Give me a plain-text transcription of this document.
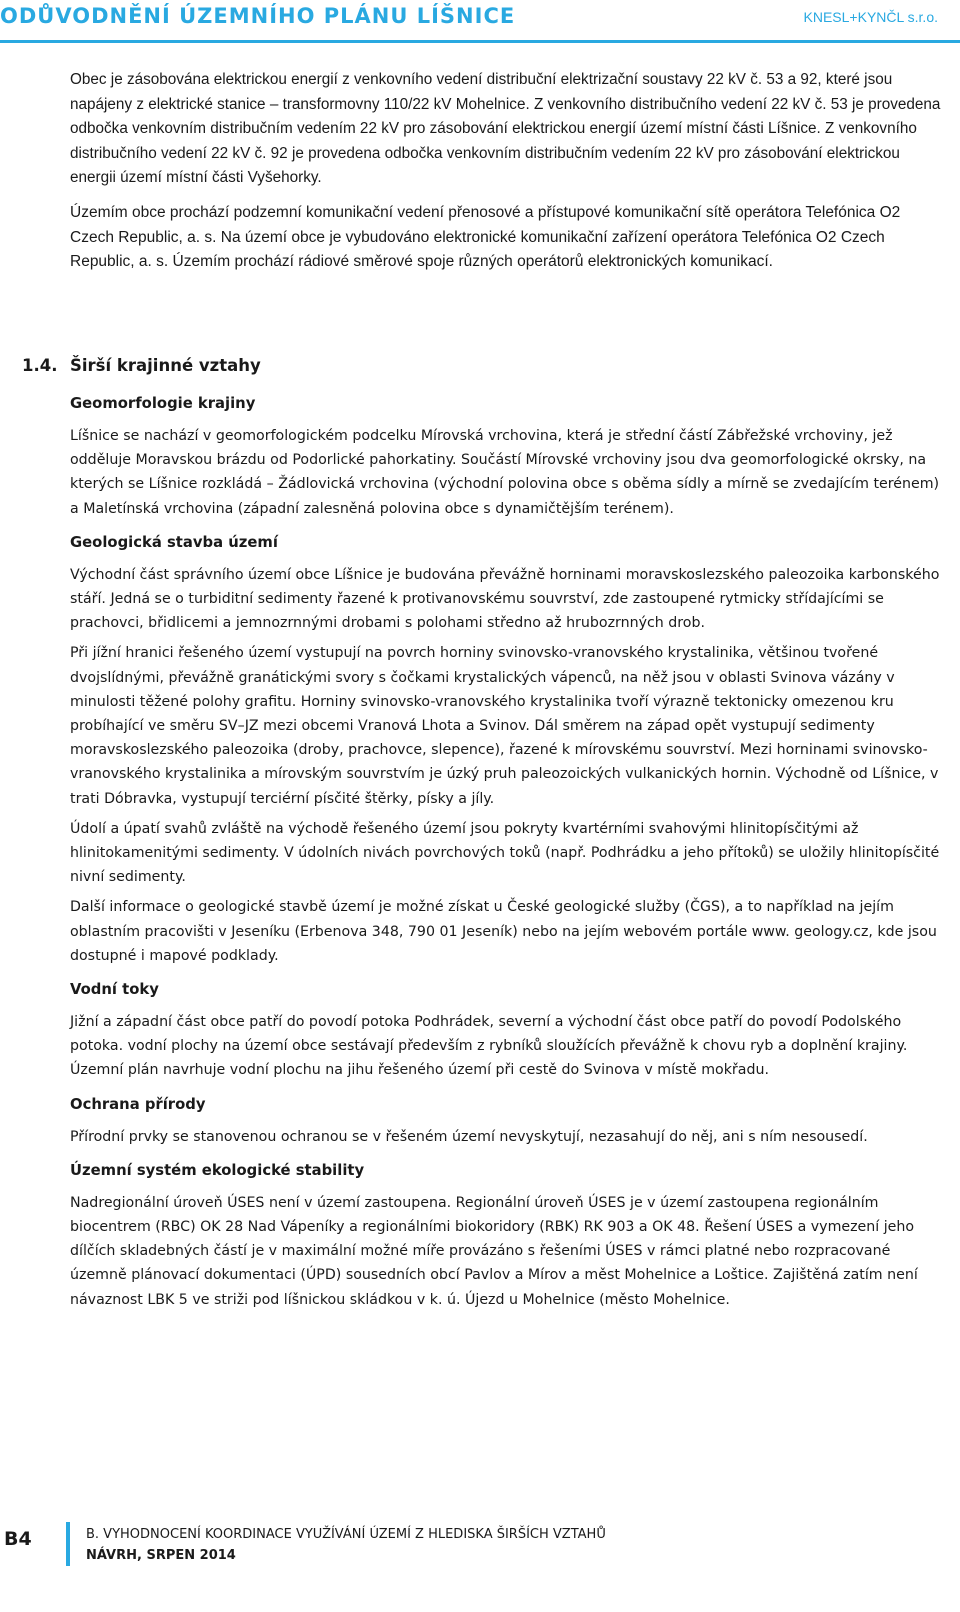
ODŮVODNĚNÍ ÚZEMNÍHO PLÁNU LÍŠNICE	KNESL+KYNČL s.r.o.

Obec je zásobována elektrickou energií z venkovního vedení distribuční elektrizační soustavy 22 kV č. 53 a 92, které jsou napájeny z elektrické stanice – transformovny 110/22 kV Mohelnice. Z venkovního distribučního vedení 22 kV č. 53 je provedena odbočka venkovním distribučním vedením 22 kV pro zásobování elektrickou energií území místní části Líšnice. Z venkovního distribučního vedení 22 kV č. 92 je provedena odbočka venkovním distribučním vedením 22 kV pro zásobování elektrickou energii území místní části Vyšehorky.

Územím obce prochází podzemní komunikační vedení přenosové a přístupové komunikační sítě operátora Telefónica O2 Czech Republic, a. s. Na území obce je vybudováno elektronické komunikační zařízení operátora Telefónica O2 Czech Republic, a. s. Územím prochází rádiové směrové spoje různých operátorů elektronických komunikací.

1.4. Širší krajinné vztahy
Geomorfologie krajiny

Líšnice se nachází v geomorfologickém podcelku Mírovská vrchovina, která je střední částí Zábřežské vrchoviny, jež odděluje Moravskou brázdu od Podorlické pahorkatiny. Součástí Mírovské vrchoviny jsou dva geomorfologické okrsky, na kterých se Líšnice rozkládá – Žádlovická vrchovina (východní polovina obce s oběma sídly a mírně se zvedajícím terénem) a Maletínská vrchovina (západní zalesněná polovina obce s dynamičtějším terénem).

Geologická stavba území

Východní část správního území obce Líšnice je budována převážně horninami moravskoslezského paleozoika karbonského stáří. Jedná se o turbiditní sedimenty řazené k protivanovskému souvrství, zde zastoupené rytmicky střídajícími se prachovci, břidlicemi a jemnozrnnými drobami s polohami středno až hrubozrnných drob.

Při jížní hranici řešeného území vystupují na povrch horniny svinovsko-vranovského krystalinika, většinou tvořené dvojslídnými, převážně granátickými svory s čočkami krystalických vápenců, na něž jsou v oblasti Svinova vázány v minulosti těžené polohy grafitu. Horniny svinovsko-vranovského krystalinika tvoří výrazně tektonicky omezenou kru probíhající ve směru SV–JZ mezi obcemi Vranová Lhota a Svinov. Dál směrem na západ opět vystupují sedimenty moravskoslezského paleozoika (droby, prachovce, slepence), řazené k mírovskému souvrství. Mezi horninami svinovsko-vranovského krystalinika a mírovským souvrstvím je úzký pruh paleozoických vulkanických hornin. Východně od Líšnice, v trati Dóbravka, vystupují terciérní písčité štěrky, písky a jíly.

Údolí a úpatí svahů zvláště na východě řešeného území jsou pokryty kvartérními svahovými hlinitopísčitými až hlinitokamenitými sedimenty. V údolních nivách povrchových toků (např. Podhrádku a jeho přítoků) se uložily hlinitopísčité nivní sedimenty.

Další informace o geologické stavbě území je možné získat u České geologické služby (ČGS), a to například na jejím oblastním pracovišti v Jeseníku (Erbenova 348, 790 01 Jeseník) nebo na jejím webovém portále www. geology.cz, kde jsou dostupné i mapové podklady.

Vodní toky

Jižní a západní část obce patří do povodí potoka Podhrádek, severní a východní část obce patří do povodí Podolského potoka. vodní plochy na území obce sestávají především z rybníků sloužících převážně k chovu ryb a doplnění krajiny. Územní plán navrhuje vodní plochu na jihu řešeného území při cestě do Svinova v místě mokřadu.

Ochrana přírody

Přírodní prvky se stanovenou ochranou se v řešeném území nevyskytují, nezasahují do něj, ani s ním nesousedí.

Územní systém ekologické stability

Nadregionální úroveň ÚSES není v území zastoupena. Regionální úroveň ÚSES je v území zastoupena regionálním biocentrem (RBC) OK 28 Nad Vápeníky a regionálními biokoridory (RBK) RK 903 a OK 48. Řešení ÚSES a vymezení jeho dílčích skladebných částí je v maximální možné míře provázáno s řešeními ÚSES v rámci platné nebo rozpracované územně plánovací dokumentaci (ÚPD) sousedních obcí Pavlov a Mírov a měst Mohelnice a Loštice. Zajištěná zatím není návaznost LBK 5 ve striži pod líšnickou skládkou v k. ú. Újezd u Mohelnice (město Mohelnice.

B4	B. VYHODNOCENÍ KOORDINACE VYUŽÍVÁNÍ ÚZEMÍ Z HLEDISKA ŠIRŠÍCH VZTAHŮ
NÁVRH, SRPEN 2014
